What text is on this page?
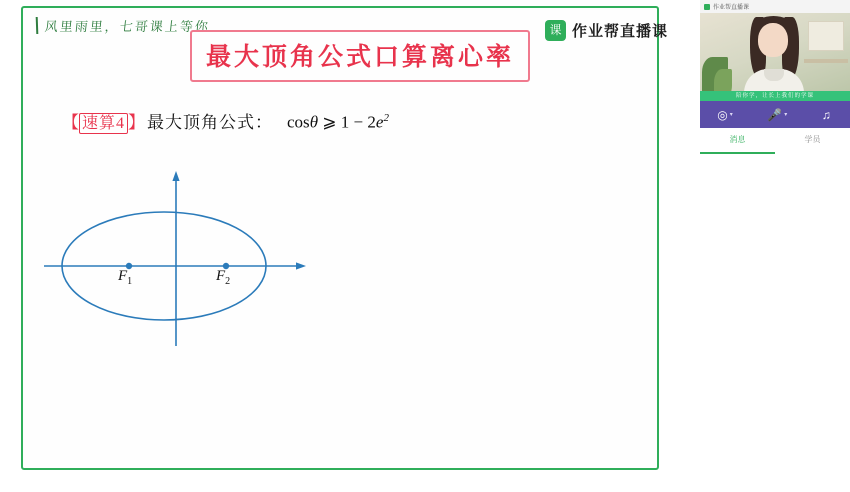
风里雨里，七哥课上等你	课 作业帮直播课
最大顶角公式口算离心率
【 速算4 】 最大顶角公式： cosθ ⩾ $1 - 2e^2$
$F_1$	$F_2$
作业帮直播课
陪你学，让长上我们的学课
◎ ▾	🎤 ▾	♫
消息	学员
